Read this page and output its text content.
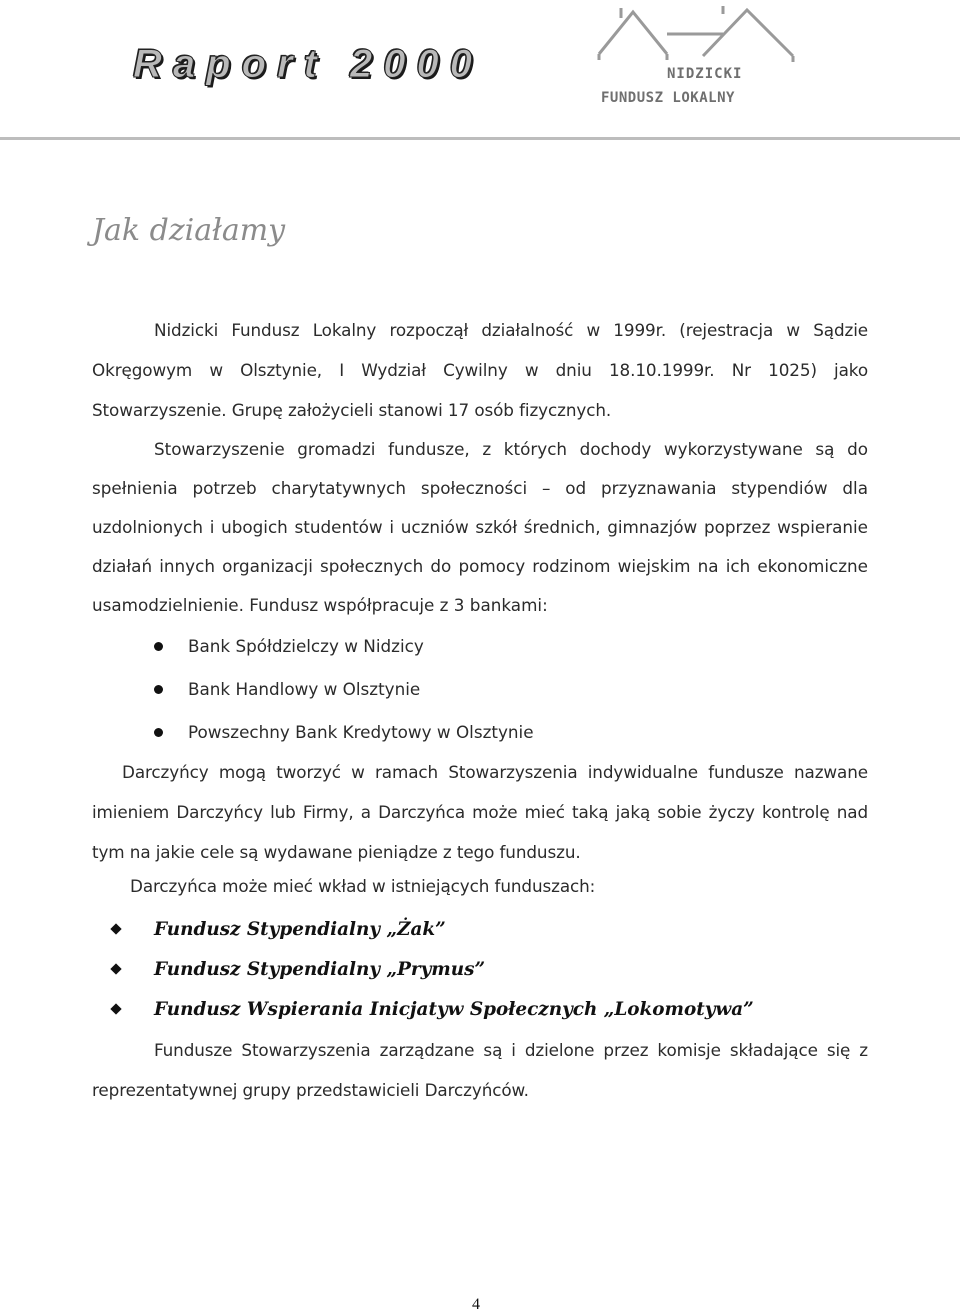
Raport 2000	NIDZICKI
FUNDUSZ LOKALNY
Jak działamy

Nidzicki Fundusz Lokalny rozpoczął działalność w 1999r. (rejestracja w Sądzie Okręgowym w Olsztynie, I Wydział Cywilny w dniu 18.10.1999r. Nr 1025) jako Stowarzyszenie. Grupę założycieli stanowi 17 osób fizycznych.

Stowarzyszenie gromadzi fundusze, z których dochody wykorzystywane są do spełnienia potrzeb charytatywnych społeczności – od przyznawania stypendiów dla uzdolnionych i ubogich studentów i uczniów szkół średnich, gimnazjów poprzez wspieranie działań innych organizacji społecznych do pomocy rodzinom wiejskim na ich ekonomiczne usamodzielnienie. Fundusz współpracuje z 3 bankami:

Bank Spółdzielczy w Nidzicy
Bank Handlowy w Olsztynie
Powszechny Bank Kredytowy w Olsztynie

Darczyńcy mogą tworzyć w ramach Stowarzyszenia indywidualne fundusze nazwane imieniem Darczyńcy lub Firmy, a Darczyńca może mieć taką jaką sobie życzy kontrolę nad tym na jakie cele są wydawane pieniądze z tego funduszu.

Darczyńca może mieć wkład w istniejących funduszach:

Fundusz Stypendialny „Żak”
Fundusz Stypendialny „Prymus”
Fundusz Wspierania Inicjatyw Społecznych „Lokomotywa”

Fundusze Stowarzyszenia zarządzane są i dzielone przez komisje składające się z reprezentatywnej grupy przedstawicieli Darczyńców.

4
